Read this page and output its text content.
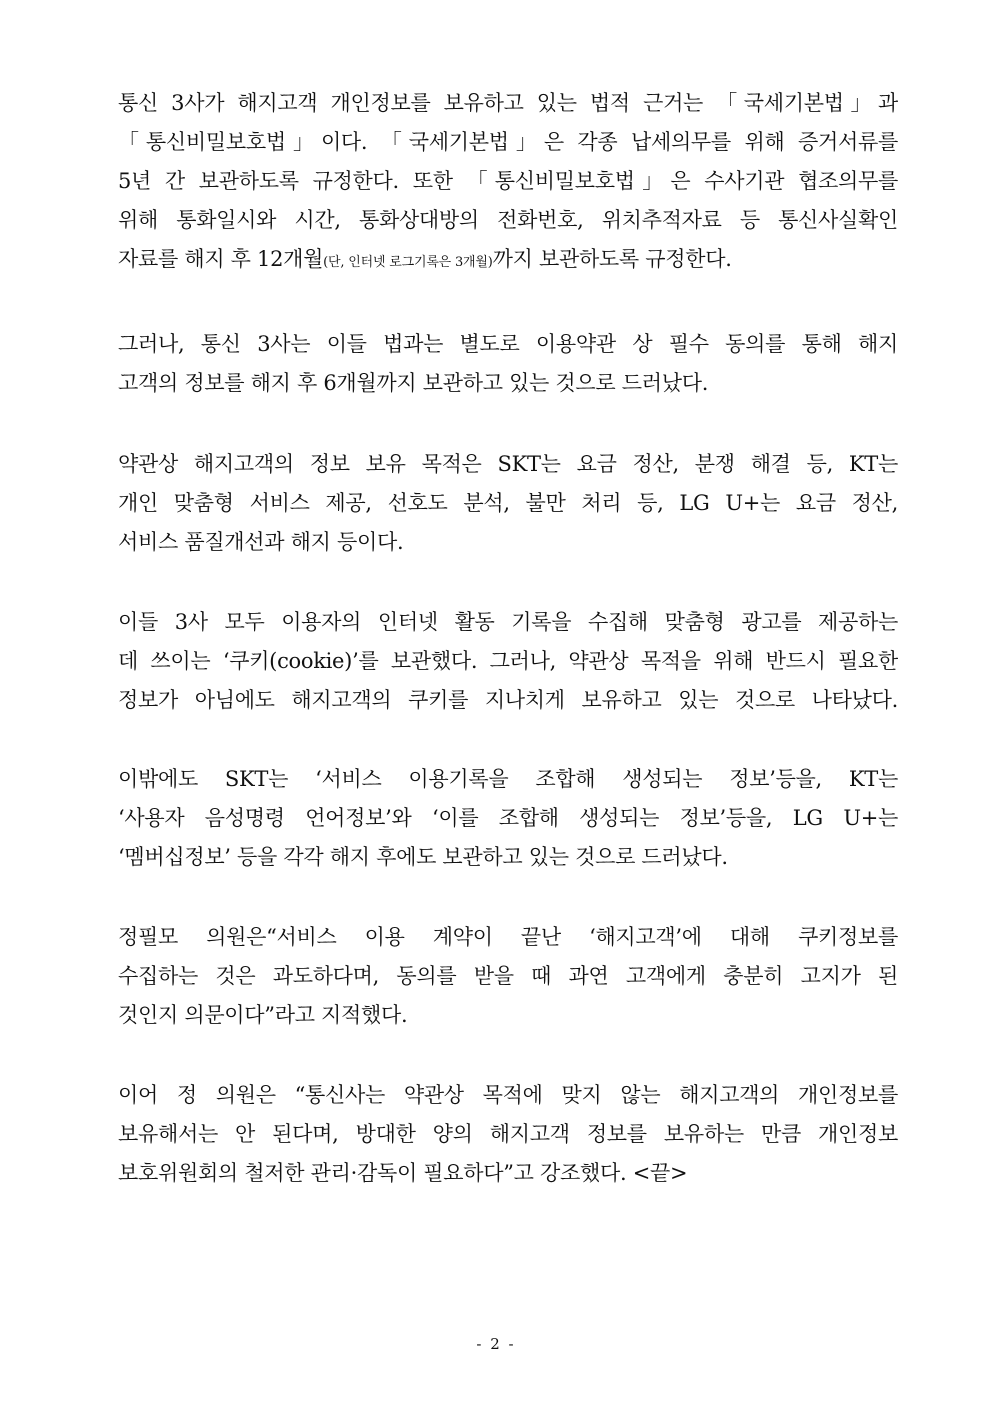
통신 3사가 해지고객 개인정보를 보유하고 있는 법적 근거는 「국세기본법」과
「통신비밀보호법」이다. 「국세기본법」은 각종 납세의무를 위해 증거서류를
5년 간 보관하도록 규정한다. 또한 「통신비밀보호법」은 수사기관 협조의무를
위해 통화일시와 시간, 통화상대방의 전화번호, 위치추적자료 등 통신사실확인
자료를 해지 후 12개월(단, 인터넷 로그기록은 3개월)까지 보관하도록 규정한다.
그러나, 통신 3사는 이들 법과는 별도로 이용약관 상 필수 동의를 통해 해지
고객의 정보를 해지 후 6개월까지 보관하고 있는 것으로 드러났다.
약관상 해지고객의 정보 보유 목적은 SKT는 요금 정산, 분쟁 해결 등, KT는
개인 맞춤형 서비스 제공, 선호도 분석, 불만 처리 등, LG U+는 요금 정산,
서비스 품질개선과 해지 등이다.
이들 3사 모두 이용자의 인터넷 활동 기록을 수집해 맞춤형 광고를 제공하는
데 쓰이는 ‘쿠키(cookie)’를 보관했다. 그러나, 약관상 목적을 위해 반드시 필요한
정보가 아님에도 해지고객의 쿠키를 지나치게 보유하고 있는 것으로 나타났다.
이밖에도 SKT는 ‘서비스 이용기록을 조합해 생성되는 정보’등을, KT는
‘사용자 음성명령 언어정보’와 ‘이를 조합해 생성되는 정보’등을, LG U+는
‘멤버십정보’ 등을 각각 해지 후에도 보관하고 있는 것으로 드러났다.
정필모 의원은“서비스 이용 계약이 끝난 ‘해지고객’에 대해 쿠키정보를
수집하는 것은 과도하다며, 동의를 받을 때 과연 고객에게 충분히 고지가 된
것인지 의문이다”라고 지적했다.
이어 정 의원은 “통신사는 약관상 목적에 맞지 않는 해지고객의 개인정보를
보유해서는 안 된다며, 방대한 양의 해지고객 정보를 보유하는 만큼 개인정보
보호위원회의 철저한 관리·감독이 필요하다”고 강조했다. <끝>
- 2 -
